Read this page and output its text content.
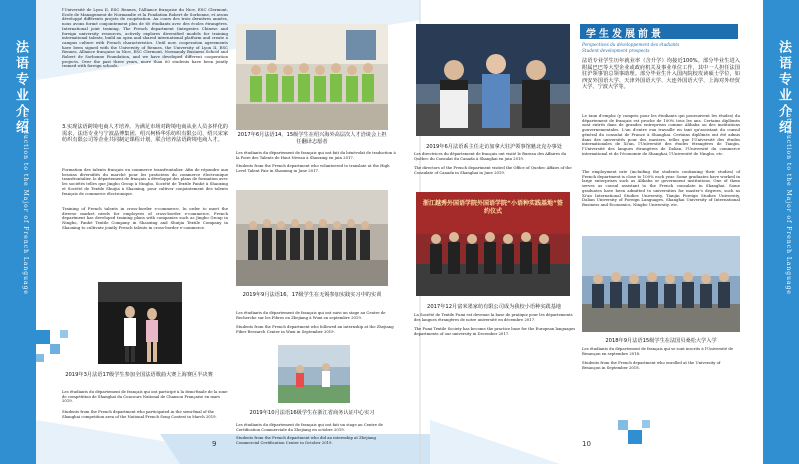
法语专业介绍
Introduction to the Major of French Language
l'Université de Lyon II, ESC Rennes, l'Alliance française du Nice, ESC Clermont, Ecole de Management de Normandie et la Fondation Robert de Sorbonne, et avons développé différents projets de coopération. Au cours des trois dernières années, nous avons formé conjointement plus de 60 étudiants avec des écoles étrangères. International joint training. The French department (integrates Chinese and foreign university resources, actively explores diversified models for training international talents, build an open and shared international platform and create a campus culture with French characteristics. Until now, cooperation agreements have been signed with the University of Rennes, the University of Lyon II, ESC Rennes, Alliance française in Nice, ESC Clermont, Normandy Business School and Robert de Sorbonne Foundation, and we have developed different cooperation projects. Over the past three years, more than 60 students have been jointly trained with foreign schools.
3.实现法语跨境电商人才培养。为满足市场对跨境电商从业人员多样化的需求，法语专业与宁波晶博集团、绍兴柯桥华乐纺织有限公司、绍兴宋家纺织有限公司等企业共同制定课程计划，联合培养法语跨境电商人才。
Formation des talents français en commerce transfrontalier. Afin de répondre aux besoins diversifiés du marché pour les praticiens du commerce électronique transfrontalier, le département de français a développé des plans de formation avec les sociétés telles que Jingbo Group à Ningbo, Société de Textile Fanhé à Shaoxing et Société de Textile Shuijia à Shaoxing, pour cultiver conjointement des talents français de commerce électronique.
Training of French talents in cross-border e-commerce. In order to meet the diverse market needs for employees of cross-border e-commerce, French department has developed training plans with companies such as Jingbo Group in Ningbo, Fanhé Textile Company in Shaoxing and Shuijia Textile Company in Shaoxing to cultivate jointly French talents in cross-border e-commerce.
2019年3月法语17级学生参加全国法语歌曲大赛上海赛区半决赛
Les étudiants du département de français qui ont participé à la demi-finale de la zone de compétition de Shanghai du Concours National de Chanson Française en mars 2019.
Students from the French department who participated in the semi-final of the Shanghai competition area of the National French Song Contest in March 2019.
2017年6月法语14、15级学生在绍兴海外高层次人才洽谈会上担任翻译志愿者
Les étudiants du département de français qui ont fait du bénévolat de traduction à la Foire des Talents de Haut Niveau à Shaoxing en juin 2017.
Students from the French department who volunteered to translate at the High Level Talent Fair in Shaoxing in June 2017.
2019年9月法语16、17级学生在无锡参加实践实习中的实训
Les étudiants du département de français qui ont suivi un stage au Centre de Recherche sur les Fibres en Zhejiang à Wuxi en septembre 2019.
Students from the French department who followed an internship at the Zhejiang Fiber Research Center in Wuxi in September 2019.
2019年10月法语16级学生在浙江省商务认证中心实习
Les étudiants du département de français qui ont fait un stage au Centre de Certification Commerciale du Zhejiang en octobre 2019.
Students from the French department who did an internship at Zhejiang Commercial Certification Center in October 2019.
9
2019年6月法语系主任走访加拿大驻沪领事馆魁北克办事处
Les directrices du département de français ont visité le Bureau des Affaires du Québec du Consulat du Canada à Shanghai en juin 2019.
The directors of the French department visited the Office of Quebec Affairs of the Consulate of Canada in Shanghai in June 2019.
浙江越秀外国语学院外国语学院“小语种实践基地”签约仪式
2017年12月富米墨家纺有限公司成为我校小语种实践基地
La Société de Textile Fumi est devenue la base de pratique pour les départements des langues étrangères de notre université en décembre 2017.
The Fumi Textile Society has become the practice base for the European languages departments of our university in December 2017.
学生发展前景
Perspectives du développement des étudiants
Student development prospects
法语专业学生历年就业率（含升学）均接近100%。部分毕业生进入附属巴巴等大型企业或政府机关及事业单位工作，其中一人担任法国驻沪领事馆总领事助理。部分毕业生升入国内院校攻读硕士学位，如西安外国语大学、天津外国语大学、大连外国语大学、上海对外经贸大学、宁波大学等。
Le taux d'emploi (y compris pour les étudiants qui poursuivent les études) du département de français est proche de 100% tous les ans. Certains diplômés sont entrés dans de grandes entreprises comme Alibaba ou des institutions gouvernementales. L'un d'entre eux travaille en tant qu'assistant du consul général du consulat de France à Shanghai. Certains diplômés ont été admis dans des universités pour des masters, telles que l'Université des études internationales de Xi'an, l'Université des études étrangères de Tianjin, l'Université des langues étrangères de Dalian, l'Université du commerce international et de l'économie de Shanghai, l'Université de Ningbo, etc.
The employment rate (including the students continuing their studies) of French department is close to 100% each year. Some graduates have worked in large enterprises such as Alibaba or government institutions. One of them serves as consul assistant to the French consulate in Shanghai. Some graduates have been admitted to universities for master's degrees, such as Xi'an International Studies University, Tianjin Foreign Studies University, Dalian University of Foreign Languages, Shanghai University of International Business and Economics, Ningbo University, etc.
2018年9月法语15级学生在法国贝桑松大学入学
Les étudiants du département de français qui se sont inscrits à l'Université de Besançon en septembre 2018.
Students from the French department who enrolled at the University of Besançon in September 2018.
10
法语专业介绍
Introduction to the Major of French Language
